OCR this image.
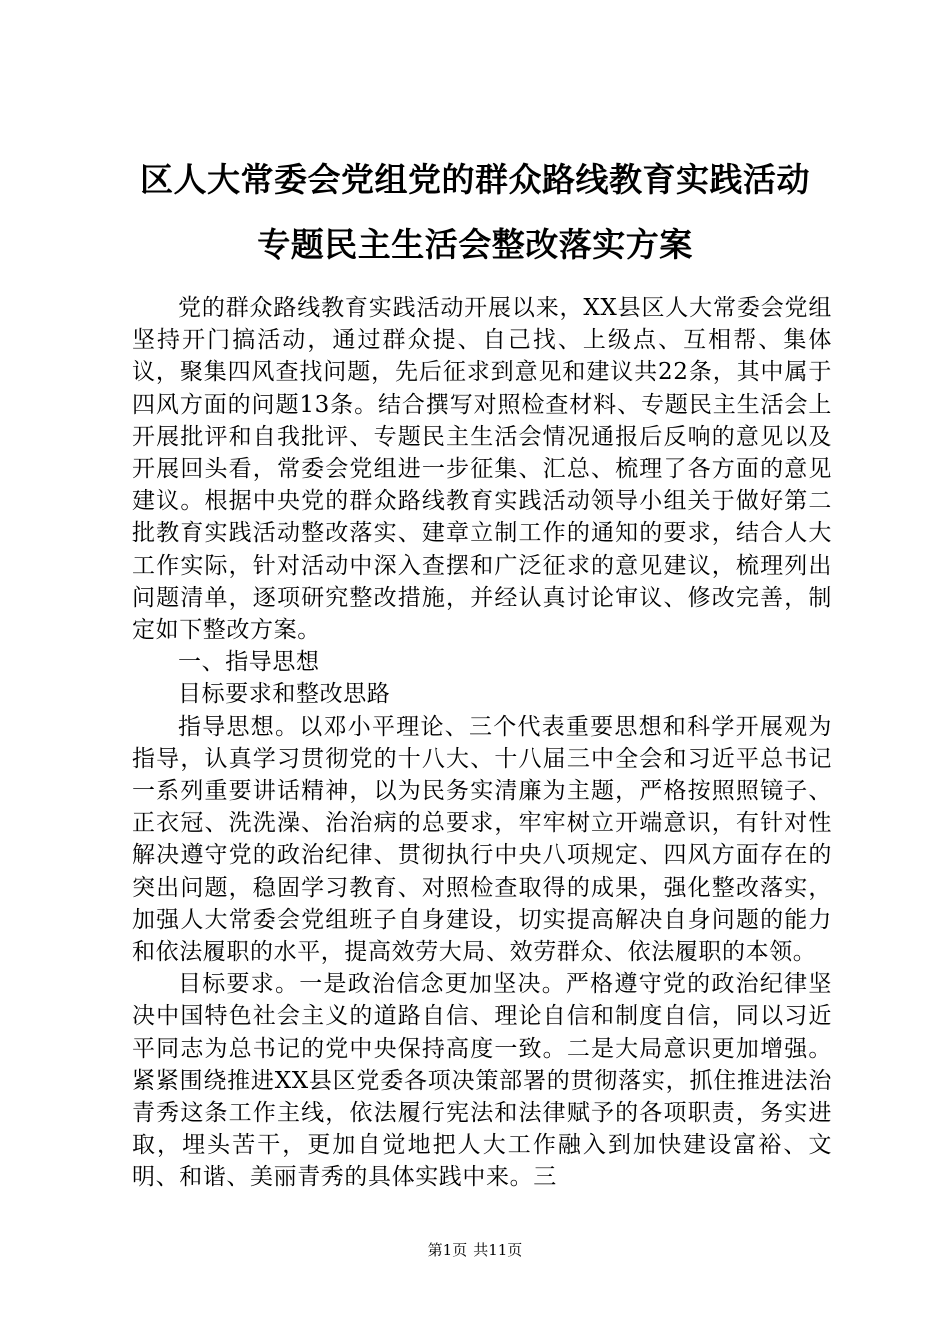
区人大常委会党组党的群众路线教育实践活动
专题民主生活会整改落实方案

党的群众路线教育实践活动开展以来，XX县区人大常委会党组坚持开门搞活动，通过群众提、自己找、上级点、互相帮、集体议，聚集四风查找问题，先后征求到意见和建议共22条，其中属于四风方面的问题13条。结合撰写对照检查材料、专题民主生活会上开展批评和自我批评、专题民主生活会情况通报后反响的意见以及开展回头看，常委会党组进一步征集、汇总、梳理了各方面的意见建议。根据中央党的群众路线教育实践活动领导小组关于做好第二批教育实践活动整改落实、建章立制工作的通知的要求，结合人大工作实际，针对活动中深入查摆和广泛征求的意见建议，梳理列出问题清单，逐项研究整改措施，并经认真讨论审议、修改完善，制定如下整改方案。

一、指导思想

目标要求和整改思路

指导思想。以邓小平理论、三个代表重要思想和科学开展观为指导，认真学习贯彻党的十八大、十八届三中全会和习近平总书记一系列重要讲话精神，以为民务实清廉为主题，严格按照照镜子、正衣冠、洗洗澡、治治病的总要求，牢牢树立开端意识，有针对性解决遵守党的政治纪律、贯彻执行中央八项规定、四风方面存在的突出问题，稳固学习教育、对照检查取得的成果，强化整改落实，加强人大常委会党组班子自身建设，切实提高解决自身问题的能力和依法履职的水平，提高效劳大局、效劳群众、依法履职的本领。

目标要求。一是政治信念更加坚决。严格遵守党的政治纪律坚决中国特色社会主义的道路自信、理论自信和制度自信，同以习近平同志为总书记的党中央保持高度一致。二是大局意识更加增强。紧紧围绕推进XX县区党委各项决策部署的贯彻落实，抓住推进法治青秀这条工作主线，依法履行宪法和法律赋予的各项职责，务实进取，埋头苦干，更加自觉地把人大工作融入到加快建设富裕、文明、和谐、美丽青秀的具体实践中来。三

第1页 共11页
